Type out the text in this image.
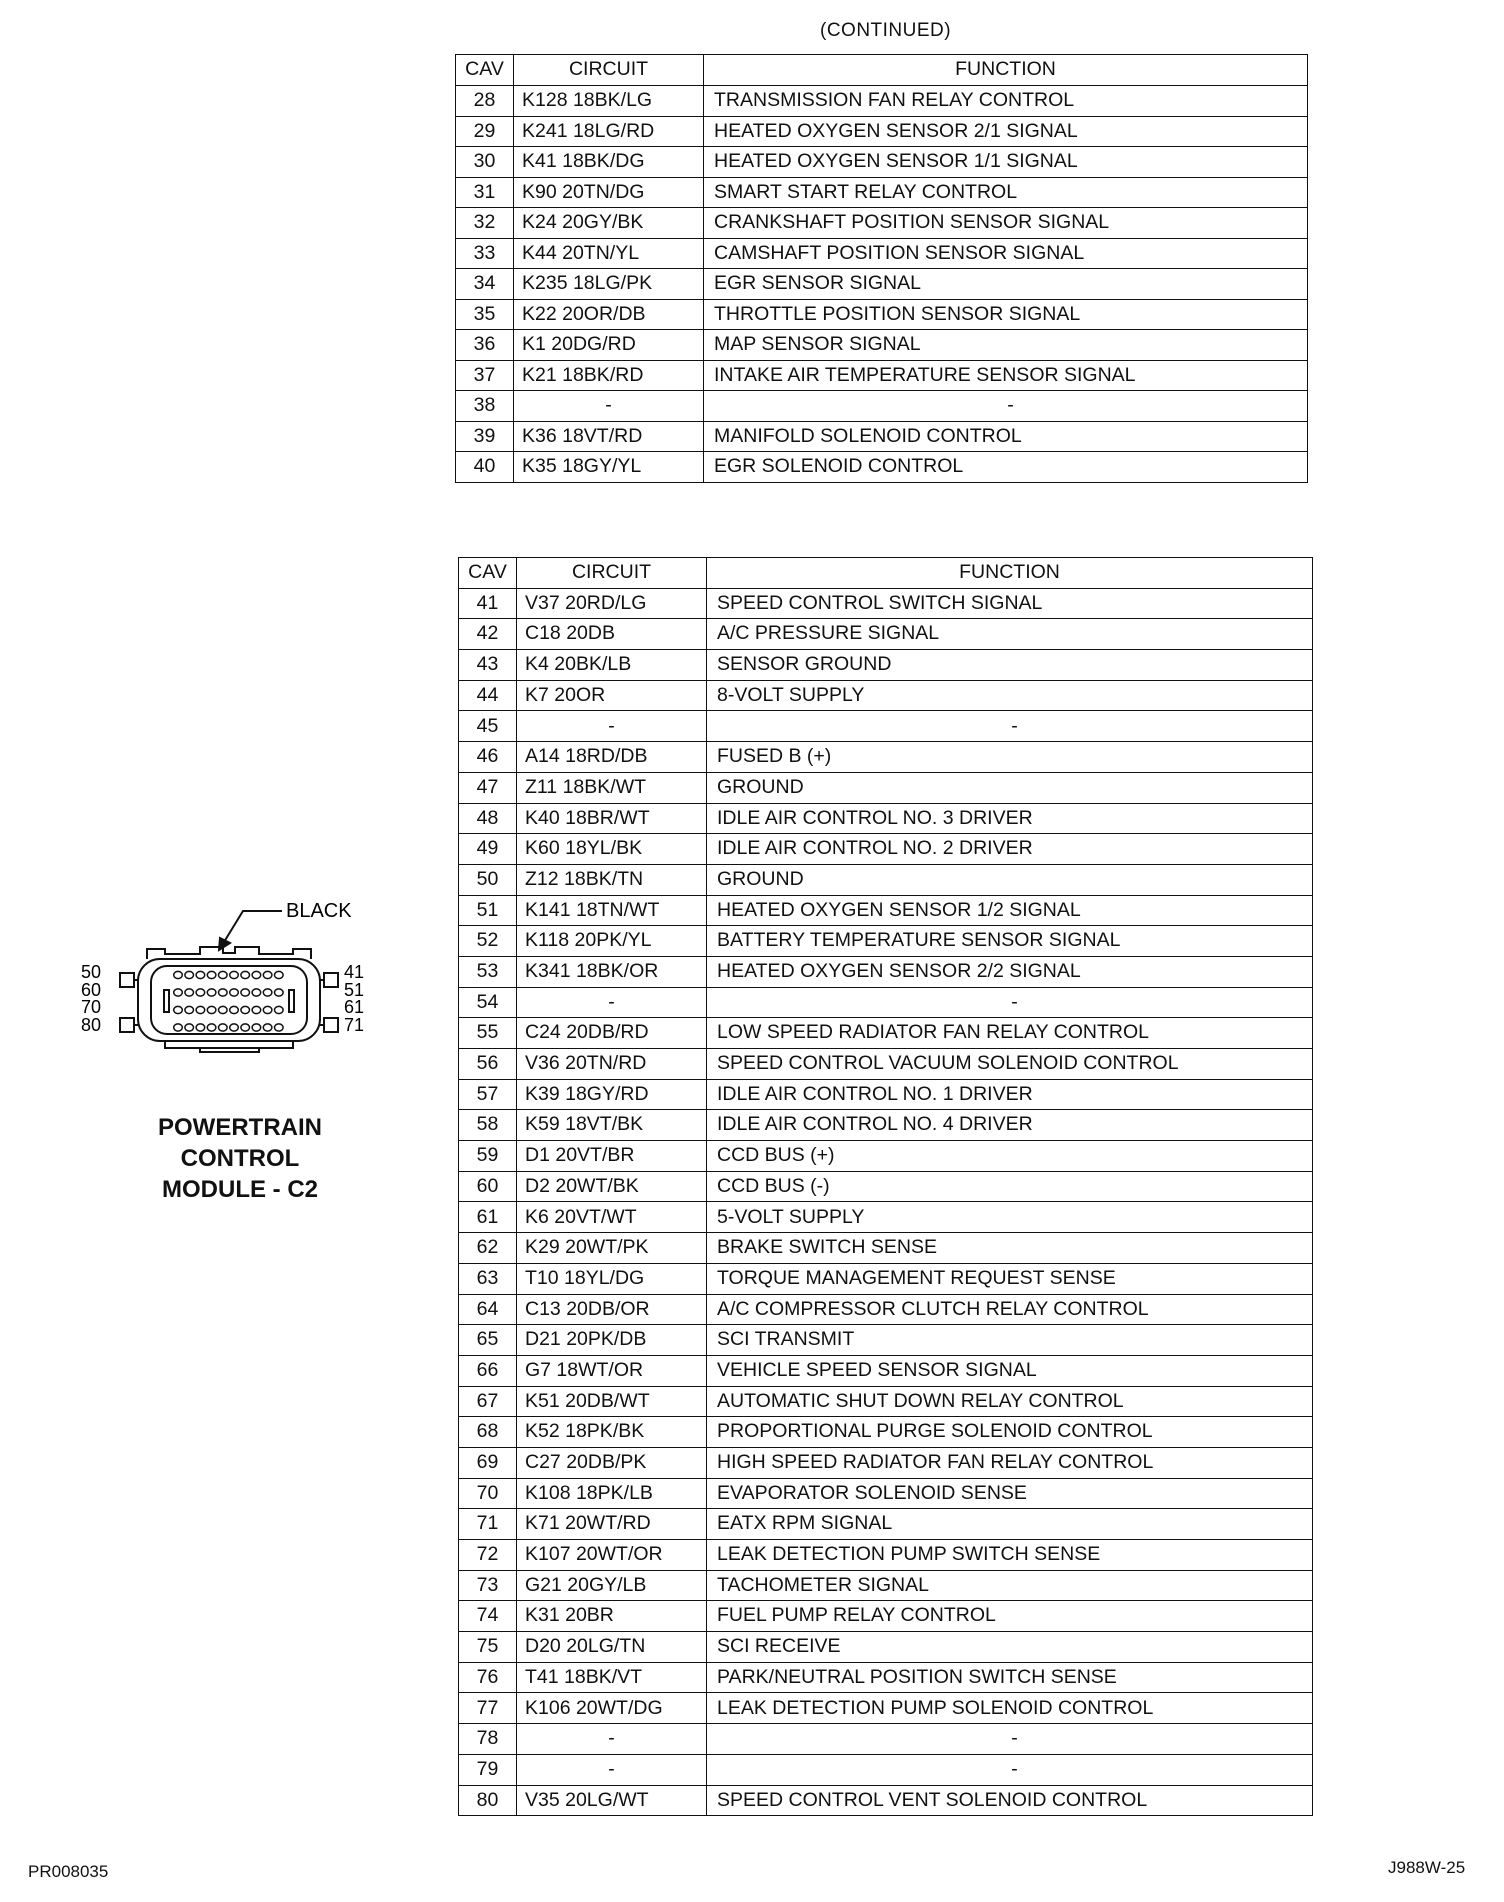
(CONTINUED)
CAV	CIRCUIT	FUNCTION
28	K128 18BK/LG	TRANSMISSION FAN RELAY CONTROL
29	K241 18LG/RD	HEATED OXYGEN SENSOR 2/1 SIGNAL
30	K41 18BK/DG	HEATED OXYGEN SENSOR 1/1 SIGNAL
31	K90 20TN/DG	SMART START RELAY CONTROL
32	K24 20GY/BK	CRANKSHAFT POSITION SENSOR SIGNAL
33	K44 20TN/YL	CAMSHAFT POSITION SENSOR SIGNAL
34	K235 18LG/PK	EGR SENSOR SIGNAL
35	K22 20OR/DB	THROTTLE POSITION SENSOR SIGNAL
36	K1 20DG/RD	MAP SENSOR SIGNAL
37	K21 18BK/RD	INTAKE AIR TEMPERATURE SENSOR SIGNAL
38	-	-
39	K36 18VT/RD	MANIFOLD SOLENOID CONTROL
40	K35 18GY/YL	EGR SOLENOID CONTROL
CAV	CIRCUIT	FUNCTION
41	V37 20RD/LG	SPEED CONTROL SWITCH SIGNAL
42	C18 20DB	A/C PRESSURE SIGNAL
43	K4 20BK/LB	SENSOR GROUND
44	K7 20OR	8-VOLT SUPPLY
45	-	-
46	A14 18RD/DB	FUSED B (+)
47	Z11 18BK/WT	GROUND
48	K40 18BR/WT	IDLE AIR CONTROL NO. 3 DRIVER
49	K60 18YL/BK	IDLE AIR CONTROL NO. 2 DRIVER
50	Z12 18BK/TN	GROUND
51	K141 18TN/WT	HEATED OXYGEN SENSOR 1/2 SIGNAL
52	K118 20PK/YL	BATTERY TEMPERATURE SENSOR SIGNAL
53	K341 18BK/OR	HEATED OXYGEN SENSOR 2/2 SIGNAL
54	-	-
55	C24 20DB/RD	LOW SPEED RADIATOR FAN RELAY CONTROL
56	V36 20TN/RD	SPEED CONTROL VACUUM SOLENOID CONTROL
57	K39 18GY/RD	IDLE AIR CONTROL NO. 1 DRIVER
58	K59 18VT/BK	IDLE AIR CONTROL NO. 4 DRIVER
59	D1 20VT/BR	CCD BUS (+)
60	D2 20WT/BK	CCD BUS (-)
61	K6 20VT/WT	5-VOLT SUPPLY
62	K29 20WT/PK	BRAKE SWITCH SENSE
63	T10 18YL/DG	TORQUE MANAGEMENT REQUEST SENSE
64	C13 20DB/OR	A/C COMPRESSOR CLUTCH RELAY CONTROL
65	D21 20PK/DB	SCI TRANSMIT
66	G7 18WT/OR	VEHICLE SPEED SENSOR SIGNAL
67	K51 20DB/WT	AUTOMATIC SHUT DOWN RELAY CONTROL
68	K52 18PK/BK	PROPORTIONAL PURGE SOLENOID CONTROL
69	C27 20DB/PK	HIGH SPEED RADIATOR FAN RELAY CONTROL
70	K108 18PK/LB	EVAPORATOR SOLENOID SENSE
71	K71 20WT/RD	EATX RPM SIGNAL
72	K107 20WT/OR	LEAK DETECTION PUMP SWITCH SENSE
73	G21 20GY/LB	TACHOMETER SIGNAL
74	K31 20BR	FUEL PUMP RELAY CONTROL
75	D20 20LG/TN	SCI RECEIVE
76	T41 18BK/VT	PARK/NEUTRAL POSITION SWITCH SENSE
77	K106 20WT/DG	LEAK DETECTION PUMP SOLENOID CONTROL
78	-	-
79	-	-
80	V35 20LG/WT	SPEED CONTROL VENT SOLENOID CONTROL
BLACK
50
60
70
80
41
51
61
71
POWERTRAIN
CONTROL
MODULE - C2
PR008035	J988W-25
